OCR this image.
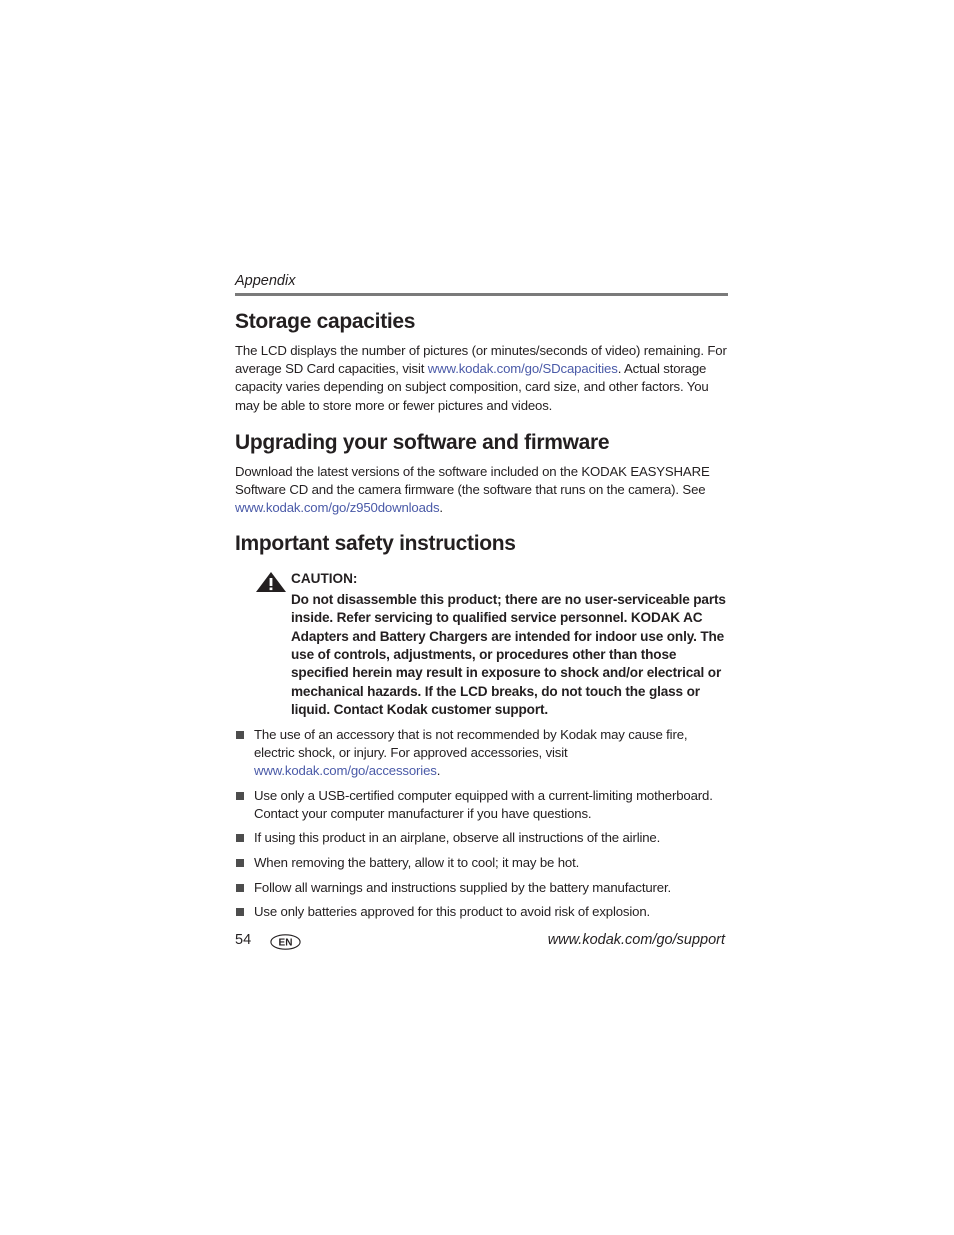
Appendix
Storage capacities

The LCD displays the number of pictures (or minutes/seconds of video) remaining. For average SD Card capacities, visit www.kodak.com/go/SDcapacities. Actual storage capacity varies depending on subject composition, card size, and other factors. You may be able to store more or fewer pictures and videos.

Upgrading your software and firmware

Download the latest versions of the software included on the KODAK EASYSHARE Software CD and the camera firmware (the software that runs on the camera). See www.kodak.com/go/z950downloads.

Important safety instructions
CAUTION:

Do not disassemble this product; there are no user-serviceable parts inside. Refer servicing to qualified service personnel. KODAK AC Adapters and Battery Chargers are intended for indoor use only. The use of controls, adjustments, or procedures other than those specified herein may result in exposure to shock and/or electrical or mechanical hazards. If the LCD breaks, do not touch the glass or liquid. Contact Kodak customer support.

The use of an accessory that is not recommended by Kodak may cause fire, electric shock, or injury. For approved accessories, visit www.kodak.com/go/accessories.
Use only a USB-certified computer equipped with a current-limiting motherboard. Contact your computer manufacturer if you have questions.
If using this product in an airplane, observe all instructions of the airline.
When removing the battery, allow it to cool; it may be hot.
Follow all warnings and instructions supplied by the battery manufacturer.
Use only batteries approved for this product to avoid risk of explosion.
54	EN	www.kodak.com/go/support
